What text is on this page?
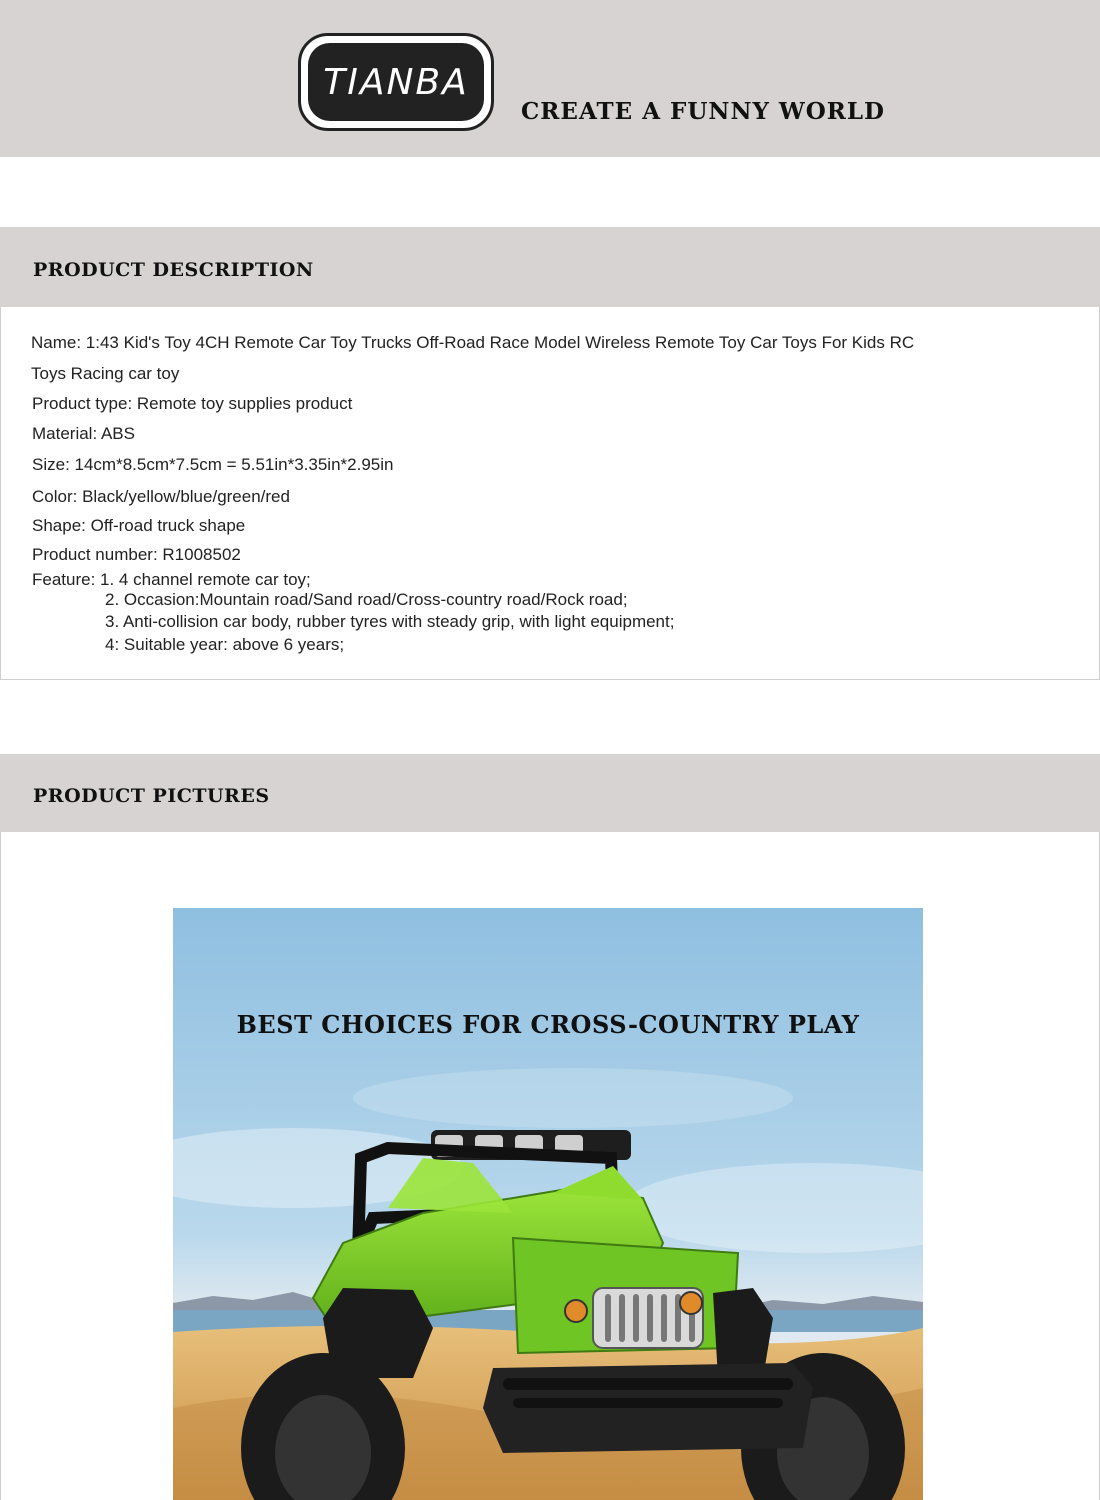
TIANBA
CREATE A FUNNY WORLD
PRODUCT DESCRIPTION
Name: 1:43 Kid's Toy 4CH Remote Car Toy Trucks Off-Road Race Model Wireless Remote Toy Car Toys For Kids RC
Toys Racing car toy
Product type: Remote toy supplies product
Material: ABS
Size: 14cm*8.5cm*7.5cm = 5.51in*3.35in*2.95in
Color: Black/yellow/blue/green/red
Shape: Off-road truck shape
Product number: R1008502
Feature: 1. 4 channel remote car toy;
2. Occasion:Mountain road/Sand road/Cross-country road/Rock road;
3. Anti-collision car body, rubber tyres with steady grip, with light equipment;
4: Suitable year: above 6 years;
PRODUCT PICTURES
BEST CHOICES FOR CROSS-COUNTRY PLAY
